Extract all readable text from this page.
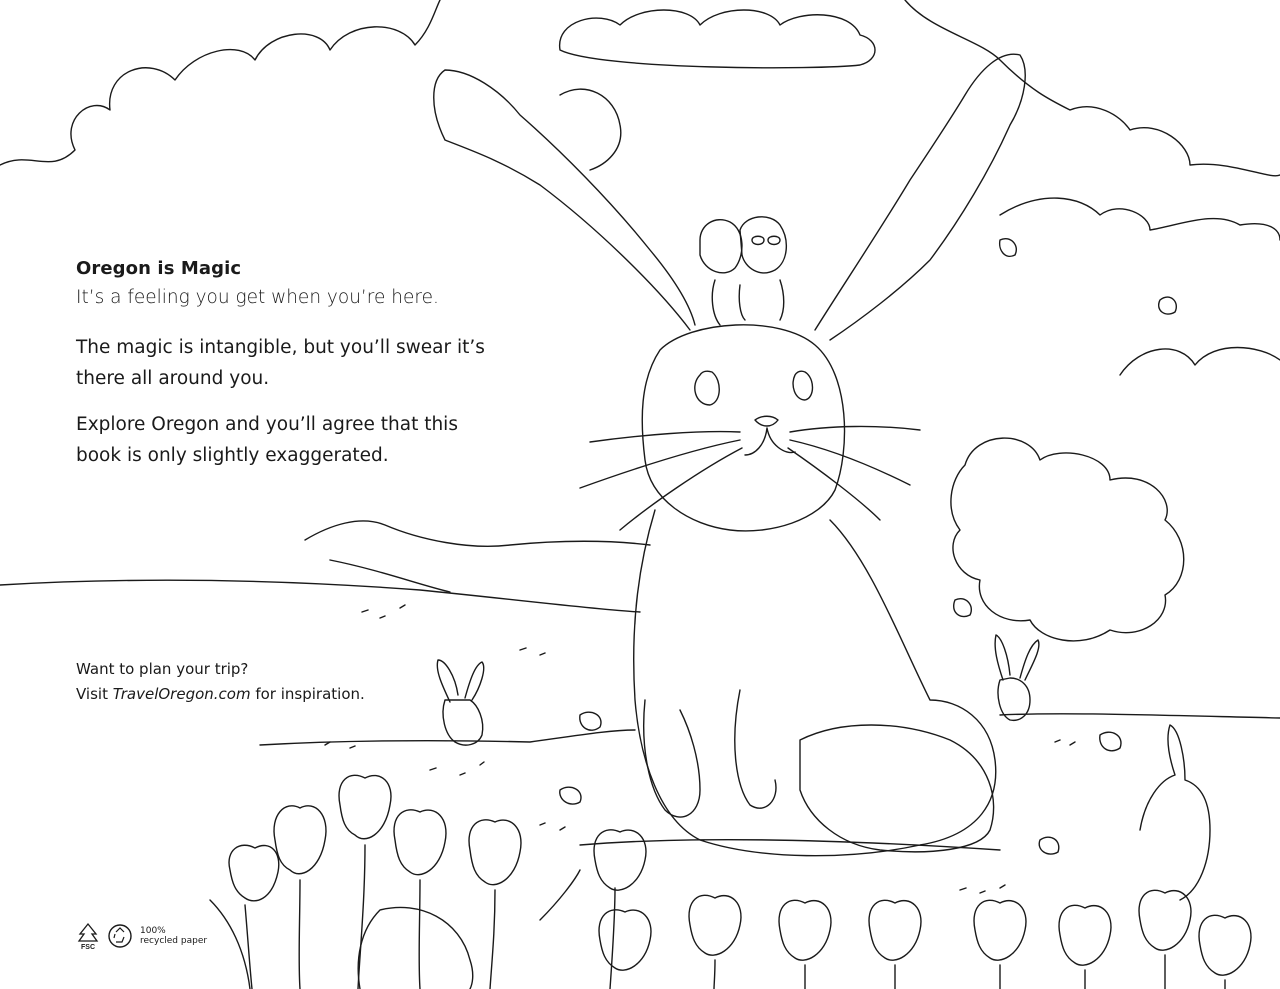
Oregon is Magic
It’s a feeling you get when you’re here.
The magic is intangible, but you’ll swear it’s there all around you.
Explore Oregon and you’ll agree that this book is only slightly exaggerated.
Want to plan your trip?
Visit TravelOregon.com for inspiration.
FSC
100%
recycled paper
